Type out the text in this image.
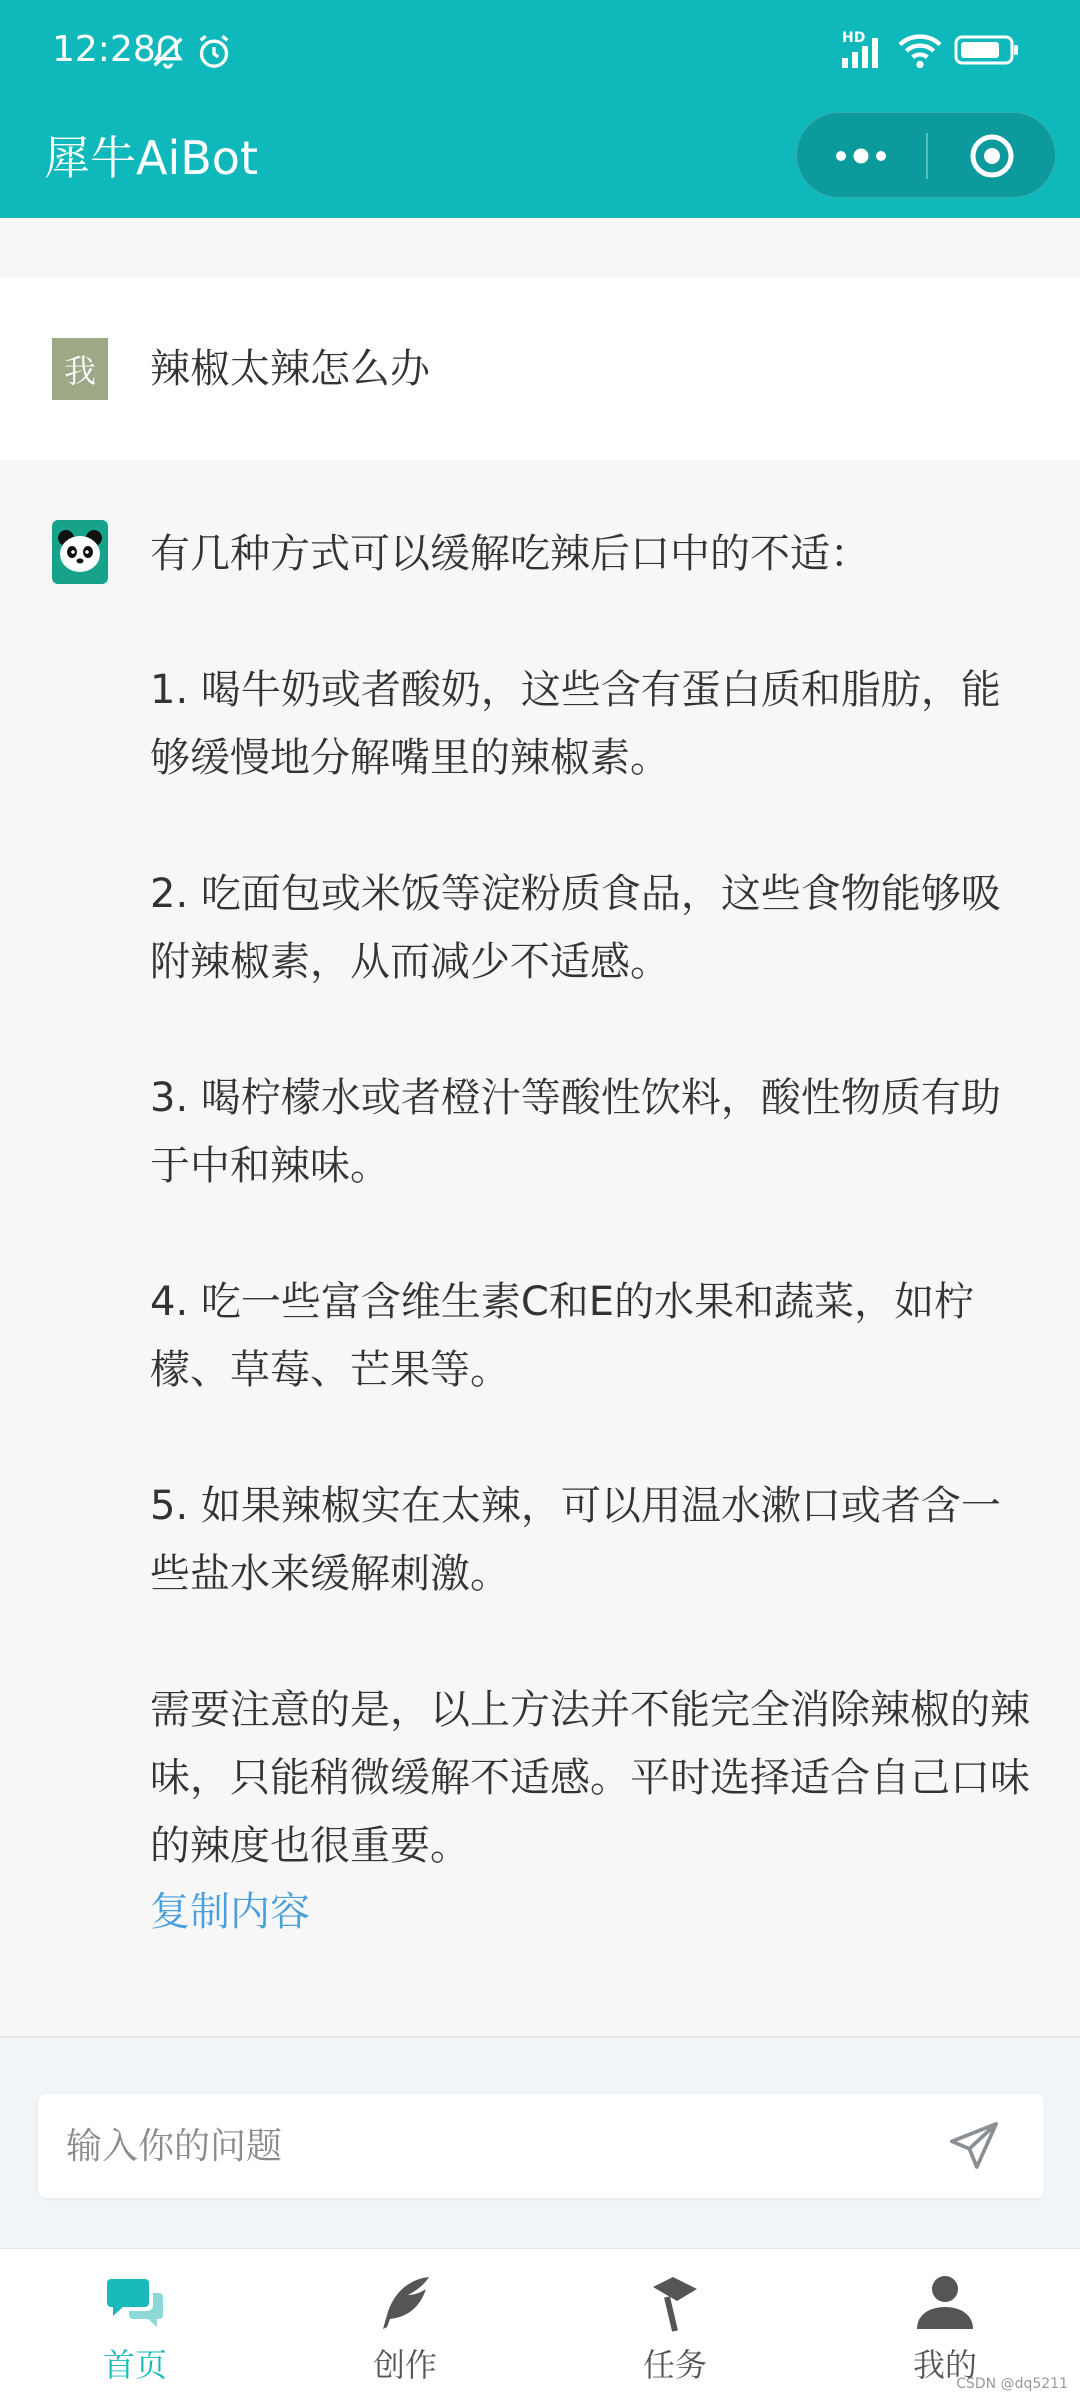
12:28	HD
犀牛AiBot
我	辣椒太辣怎么办

有几种方式可以缓解吃辣后口中的不适：

1. 喝牛奶或者酸奶，这些含有蛋白质和脂肪，能够缓慢地分解嘴里的辣椒素。

2. 吃面包或米饭等淀粉质食品，这些食物能够吸附辣椒素，从而减少不适感。

3. 喝柠檬水或者橙汁等酸性饮料，酸性物质有助于中和辣味。

4. 吃一些富含维生素C和E的水果和蔬菜，如柠檬、草莓、芒果等。

5. 如果辣椒实在太辣，可以用温水漱口或者含一些盐水来缓解刺激。

需要注意的是，以上方法并不能完全消除辣椒的辣味，只能稍微缓解不适感。平时选择适合自己口味的辣度也很重要。

复制内容
输入你的问题
首页	创作	任务	我的
CSDN @dq5211
